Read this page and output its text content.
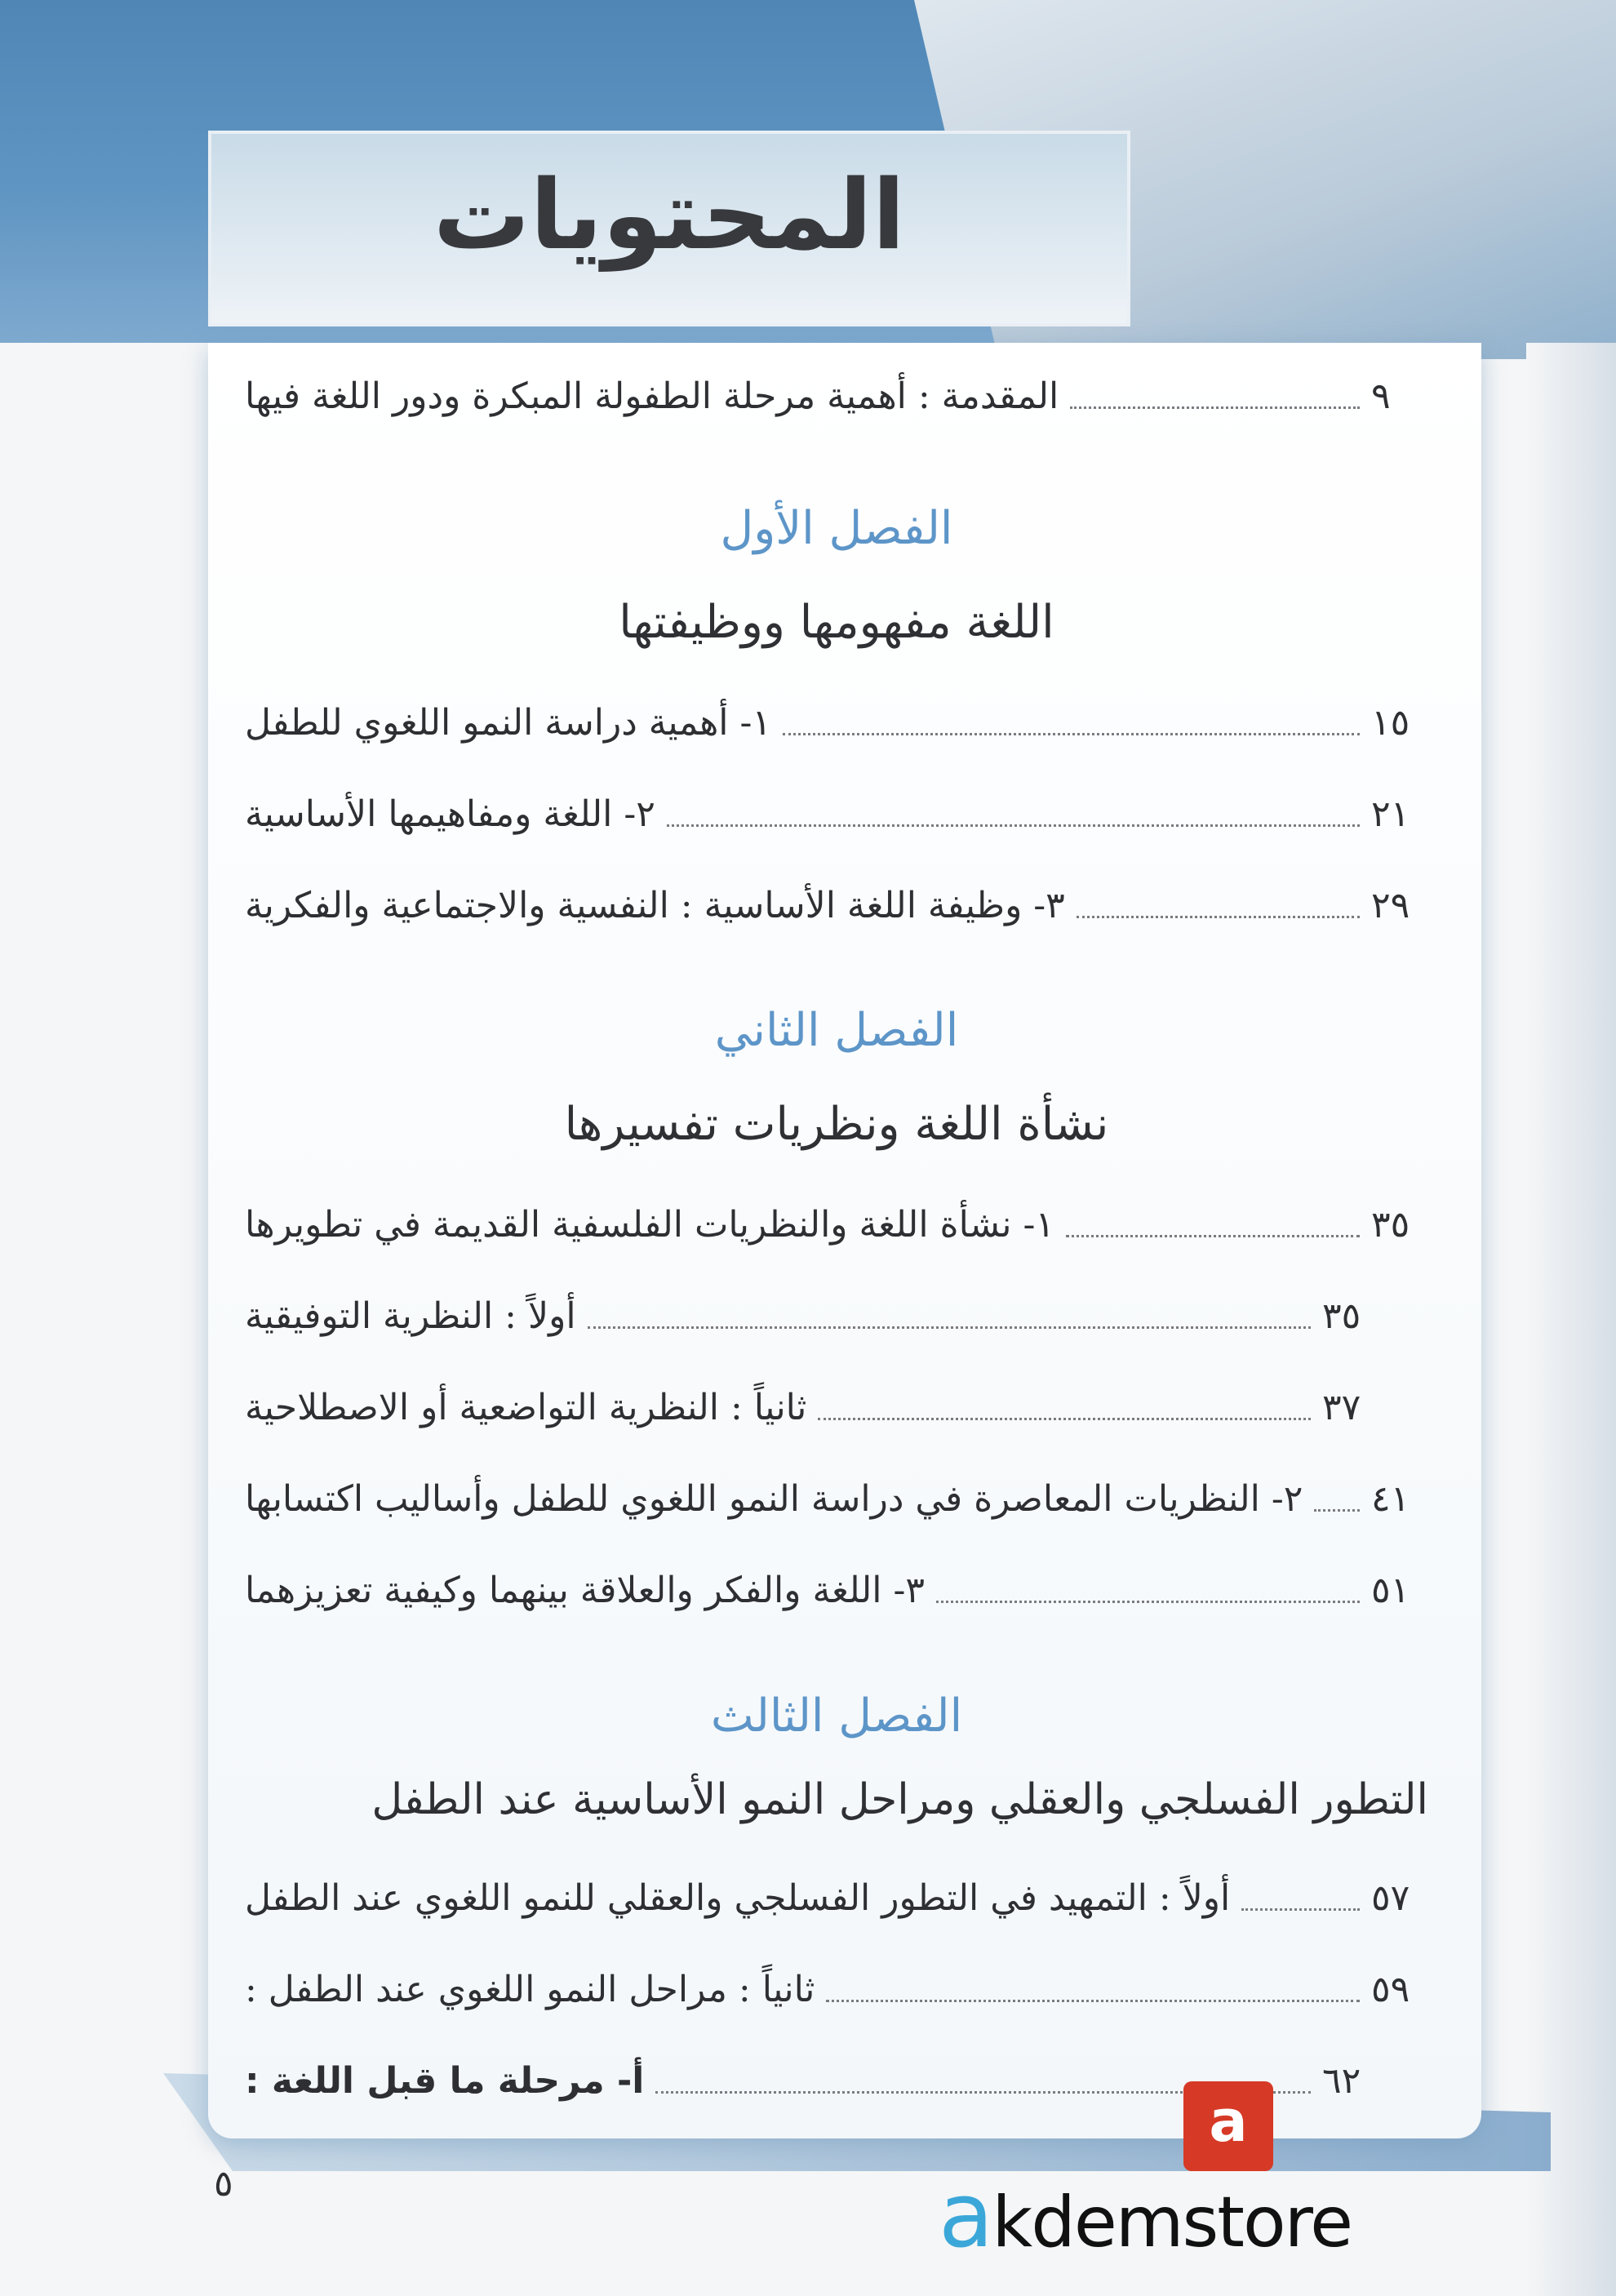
المحتويات
المقدمة : أهمية مرحلة الطفولة المبكرة ودور اللغة فيها	٩
الفصل الأول
اللغة مفهومها ووظيفتها
١- أهمية دراسة النمو اللغوي للطفل	١٥
٢- اللغة ومفاهيمها الأساسية	٢١
٣- وظيفة اللغة الأساسية : النفسية والاجتماعية والفكرية	٢٩
الفصل الثاني
نشأة اللغة ونظريات تفسيرها
١- نشأة اللغة والنظريات الفلسفية القديمة في تطويرها	٣٥
أولاً : النظرية التوفيقية	٣٥
ثانياً : النظرية التواضعية أو الاصطلاحية	٣٧
٢- النظريات المعاصرة في دراسة النمو اللغوي للطفل وأساليب اكتسابها ٤١
٣- اللغة والفكر والعلاقة بينهما وكيفية تعزيزهما	٥١
الفصل الثالث
التطور الفسلجي والعقلي ومراحل النمو الأساسية عند الطفل
أولاً : التمهيد في التطور الفسلجي والعقلي للنمو اللغوي عند الطفل	٥٧
ثانياً : مراحل النمو اللغوي عند الطفل :	٥٩
أ- مرحلة ما قبل اللغة :	٦٢
٥
a
akdemstore
